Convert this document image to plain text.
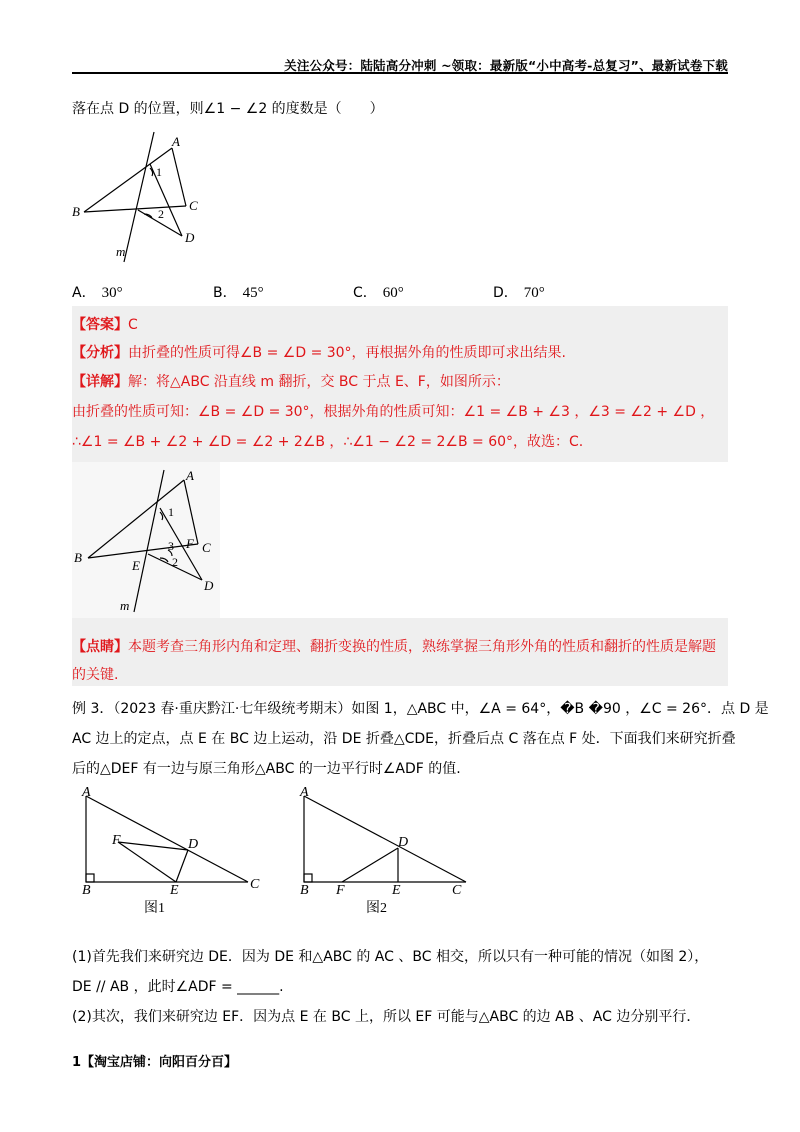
关注公众号：陆陆高分冲刺 ~领取：最新版“小中高考-总复习”、最新试卷下载
落在点 D 的位置，则∠1 − ∠2 的度数是（　　）
A
B	C
D
m
1
2
A． 30°	B． 45°	C． 60°	D． 70°
【答案】C
【分析】由折叠的性质可得∠B = ∠D = 30°，再根据外角的性质即可求出结果.
【详解】解：将△ABC 沿直线 m 翻折，交 BC 于点 E、F，如图所示：
由折叠的性质可知：∠B = ∠D = 30°，根据外角的性质可知：∠1 = ∠B + ∠3 ，∠3 = ∠2 + ∠D ，
∴∠1 = ∠B + ∠2 + ∠D = ∠2 + 2∠B ，∴∠1 − ∠2 = 2∠B = 60°，故选：C.
A
B
C
D
E
F
m
1
2
3
【点睛】本题考查三角形内角和定理、翻折变换的性质，熟练掌握三角形外角的性质和翻折的性质是解题
的关键.
例 3．（2023 春·重庆黔江·七年级统考期末）如图 1，△ABC 中，∠A = 64°，�B �90 ，∠C = 26°．点 D 是
AC 边上的定点，点 E 在 BC 边上运动，沿 DE 折叠△CDE，折叠后点 C 落在点 F 处．下面我们来研究折叠
后的△DEF 有一边与原三角形△ABC 的一边平行时∠ADF 的值.
A
B	C
D
E
F
图1
A
B	C
D
E
F
图2
(1)首先我们来研究边 DE．因为 DE 和△ABC 的 AC 、BC 相交，所以只有一种可能的情况（如图 2），
DE // AB ，此时∠ADF = ______.
(2)其次，我们来研究边 EF．因为点 E 在 BC 上，所以 EF 可能与△ABC 的边 AB 、AC 边分别平行．
1【淘宝店铺：向阳百分百】
